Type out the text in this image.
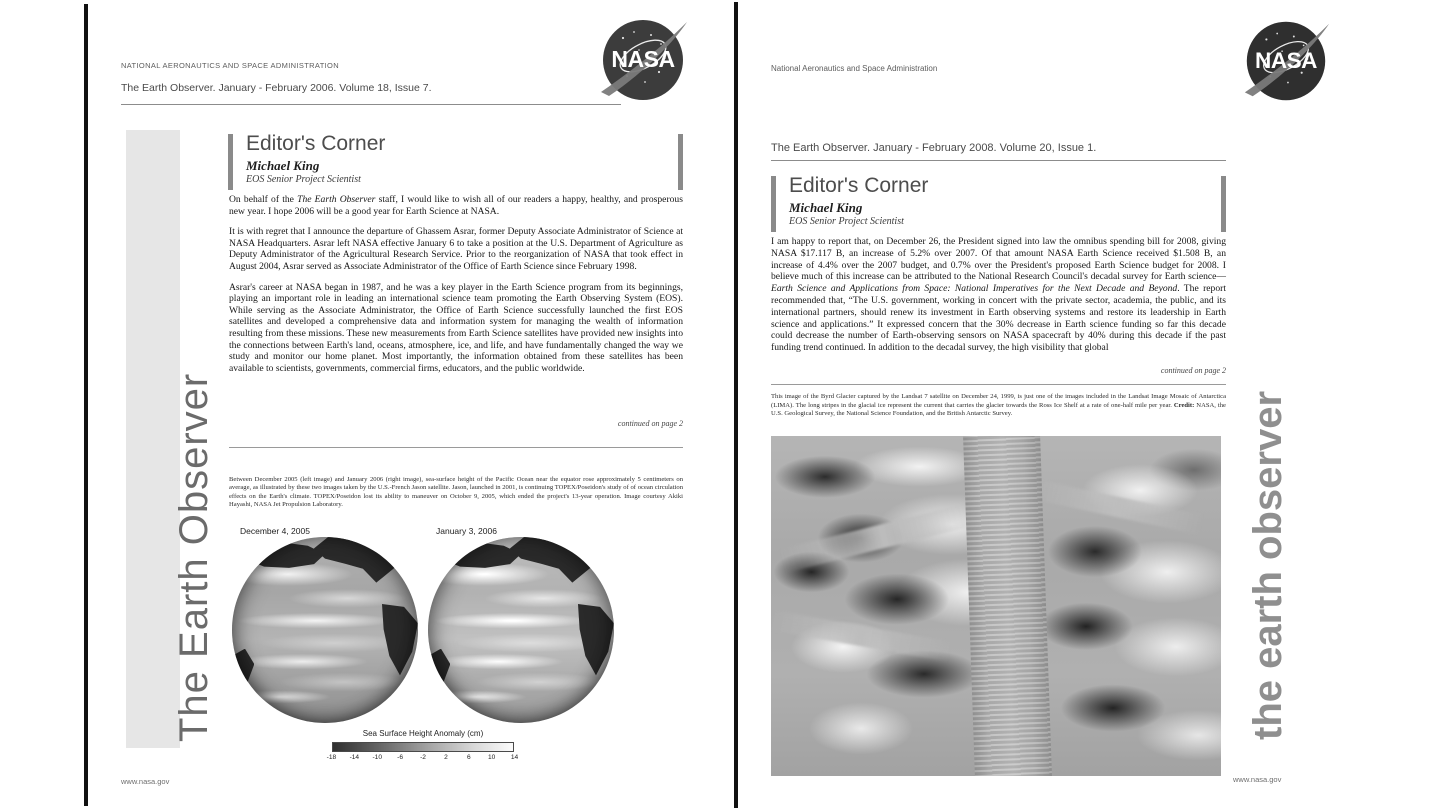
NASA
NATIONAL AERONAUTICS AND SPACE ADMINISTRATION
The Earth Observer. January - February 2006. Volume 18, Issue 7.
The Earth Observer
Editor's Corner
Michael King
EOS Senior Project Scientist

On behalf of the The Earth Observer staff, I would like to wish all of our readers a happy, healthy, and prosperous new year. I hope 2006 will be a good year for Earth Science at NASA.

It is with regret that I announce the departure of Ghassem Asrar, former Deputy Associate Administrator of Science at NASA Headquarters. Asrar left NASA effective January 6 to take a position at the U.S. Department of Agriculture as Deputy Administrator of the Agricultural Research Service. Prior to the reorganization of NASA that took effect in August 2004, Asrar served as Associate Administrator of the Office of Earth Science since February 1998.

Asrar's career at NASA began in 1987, and he was a key player in the Earth Science program from its beginnings, playing an important role in leading an international science team promoting the Earth Observing System (EOS). While serving as the Associate Administrator, the Office of Earth Science successfully launched the first EOS satellites and developed a comprehensive data and information system for managing the wealth of information resulting from these missions. These new measurements from Earth Science satellites have provided new insights into the connections between Earth's land, oceans, atmosphere, ice, and life, and have fundamentally changed the way we study and monitor our home planet. Most importantly, the information obtained from these satellites has been available to scientists, governments, commercial firms, educators, and the public worldwide.

continued on page 2
Between December 2005 (left image) and January 2006 (right image), sea-surface height of the Pacific Ocean near the equator rose approximately 5 centimeters on average, as illustrated by these two images taken by the U.S.-French Jason satellite. Jason, launched in 2001, is continuing TOPEX/Poseidon's study of of ocean circulation effects on the Earth's climate. TOPEX/Poseidon lost its ability to maneuver on October 9, 2005, which ended the project's 13-year operation. Image courtesy Akiki Hayashi, NASA Jet Propulsion Laboratory.
December 4, 2005	January 3, 2006
Sea Surface Height Anomaly (cm)
-18	-14	-10	-6	-2	2	6	10	14
www.nasa.gov
NASA
National Aeronautics and Space Administration
The Earth Observer. January - February 2008. Volume 20, Issue 1.
the earth observer
Editor's Corner
Michael King
EOS Senior Project Scientist

I am happy to report that, on December 26, the President signed into law the omnibus spending bill for 2008, giving NASA $17.117 B, an increase of 5.2% over 2007. Of that amount NASA Earth Science received $1.508 B, an increase of 4.4% over the 2007 budget, and 0.7% over the President's proposed Earth Science budget for 2008. I believe much of this increase can be attributed to the National Research Council's decadal survey for Earth science—Earth Science and Applications from Space: National Imperatives for the Next Decade and Beyond. The report recommended that, “The U.S. government, working in concert with the private sector, academia, the public, and its international partners, should renew its investment in Earth observing systems and restore its leadership in Earth science and applications.” It expressed concern that the 30% decrease in Earth science funding so far this decade could decrease the number of Earth-observing sensors on NASA spacecraft by 40% during this decade if the past funding trend continued. In addition to the decadal survey, the high visibility that global

continued on page 2
This image of the Byrd Glacier captured by the Landsat 7 satellite on December 24, 1999, is just one of the images included in the Landsat Image Mosaic of Antarctica (LIMA). The long stripes in the glacial ice represent the current that carries the glacier towards the Ross Ice Shelf at a rate of one-half mile per year. Credit: NASA, the U.S. Geological Survey, the National Science Foundation, and the British Antarctic Survey.
www.nasa.gov
